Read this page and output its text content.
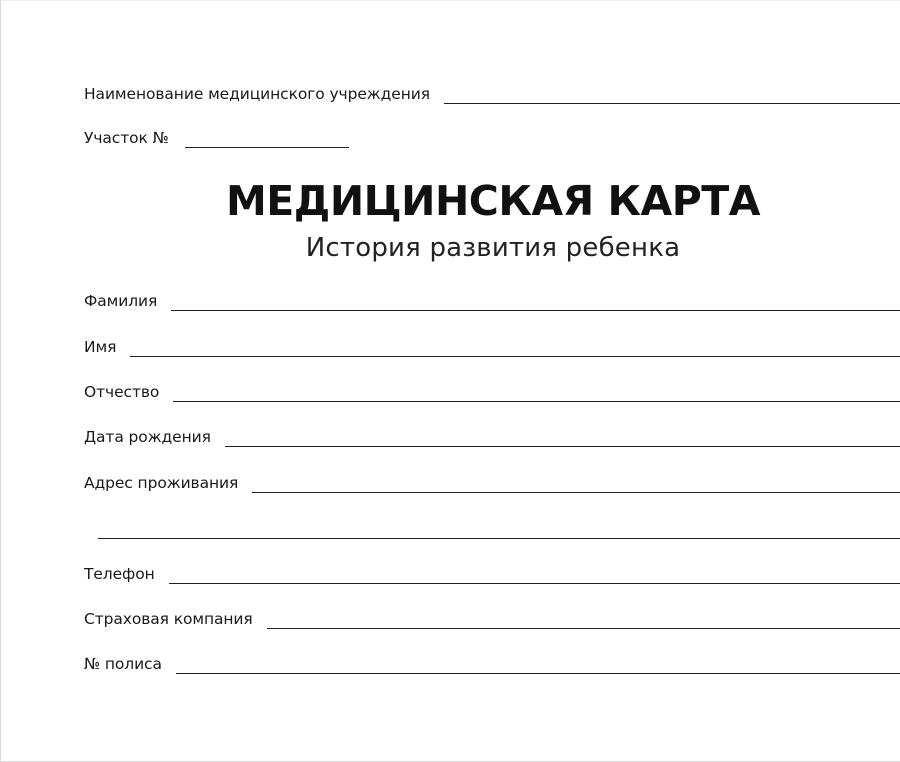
Наименование медицинского учреждения
Участок №
МЕДИЦИНСКАЯ КАРТА
История развития ребенка
Фамилия
Имя
Отчество
Дата рождения
Адрес проживания
Телефон
Страховая компания
№ полиса
